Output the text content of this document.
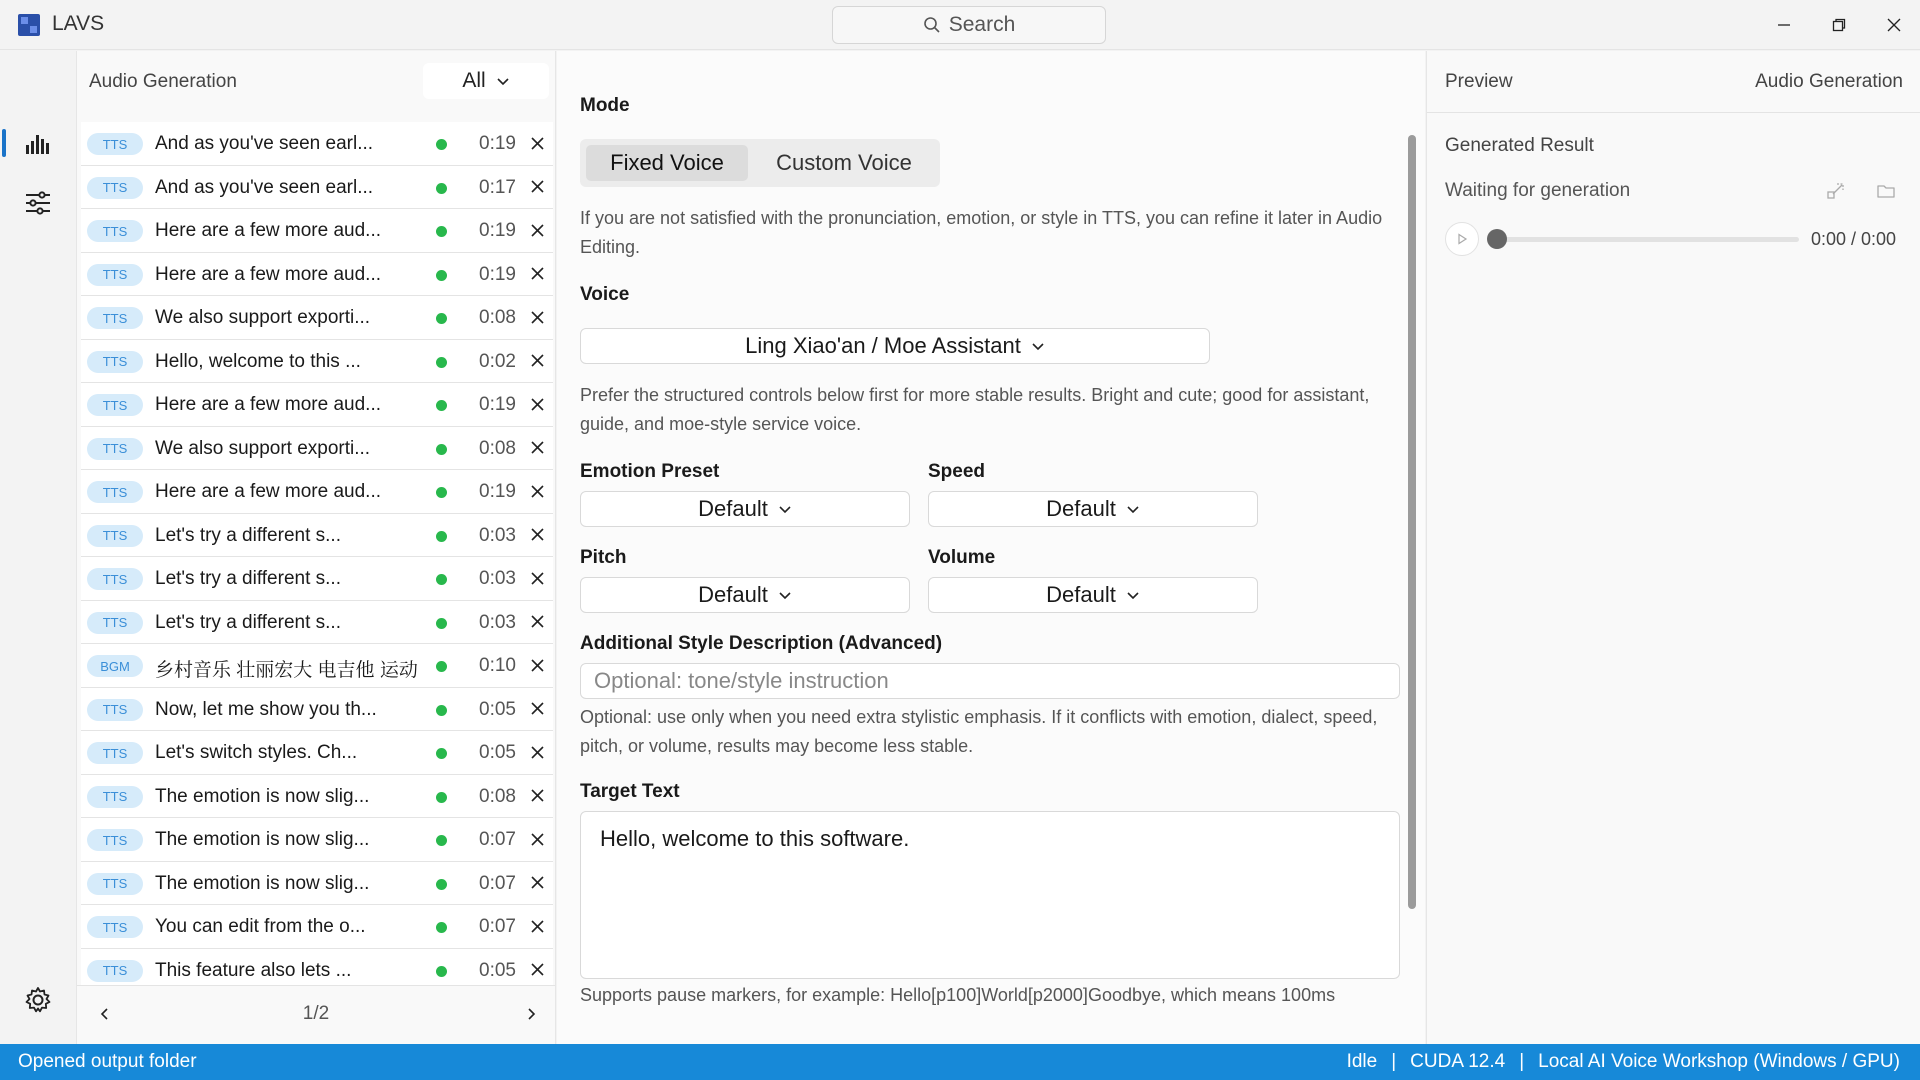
LAVS	Search
Audio Generation	All
TTS	And as you've seen earl...	0:19
TTS	And as you've seen earl...	0:17
TTS	Here are a few more aud...	0:19
TTS	Here are a few more aud...	0:19
TTS	We also support exporti...	0:08
TTS	Hello, welcome to this ...	0:02
TTS	Here are a few more aud...	0:19
TTS	We also support exporti...	0:08
TTS	Here are a few more aud...	0:19
TTS	Let's try a different s...	0:03
TTS	Let's try a different s...	0:03
TTS	Let's try a different s...	0:03
BGM	乡村音乐 壮丽宏大 电吉他 运动	0:10
TTS	Now, let me show you th...	0:05
TTS	Let's switch styles. Ch...	0:05
TTS	The emotion is now slig...	0:08
TTS	The emotion is now slig...	0:07
TTS	The emotion is now slig...	0:07
TTS	You can edit from the o...	0:07
TTS	This feature also lets ...	0:05
1/2
Mode
Fixed Voice	Custom Voice
If you are not satisfied with the pronunciation, emotion, or style in TTS, you can refine it later in Audio Editing.
Voice
Ling Xiao'an / Moe Assistant
Prefer the structured controls below first for more stable results. Bright and cute; good for assistant, guide, and moe-style service voice.
Emotion Preset
Default
Speed
Default
Pitch
Default
Volume
Default
Additional Style Description (Advanced)
Optional: tone/style instruction
Optional: use only when you need extra stylistic emphasis. If it conflicts with emotion, dialect, speed, pitch, or volume, results may become less stable.
Target Text
Hello, welcome to this software.
Supports pause markers, for example: Hello[p100]World[p2000]Goodbye, which means 100ms
Preview	Audio Generation
Generated Result
Waiting for generation
0:00 / 0:00
Opened output folder	Idle | CUDA 12.4 | Local AI Voice Workshop (Windows / GPU)
